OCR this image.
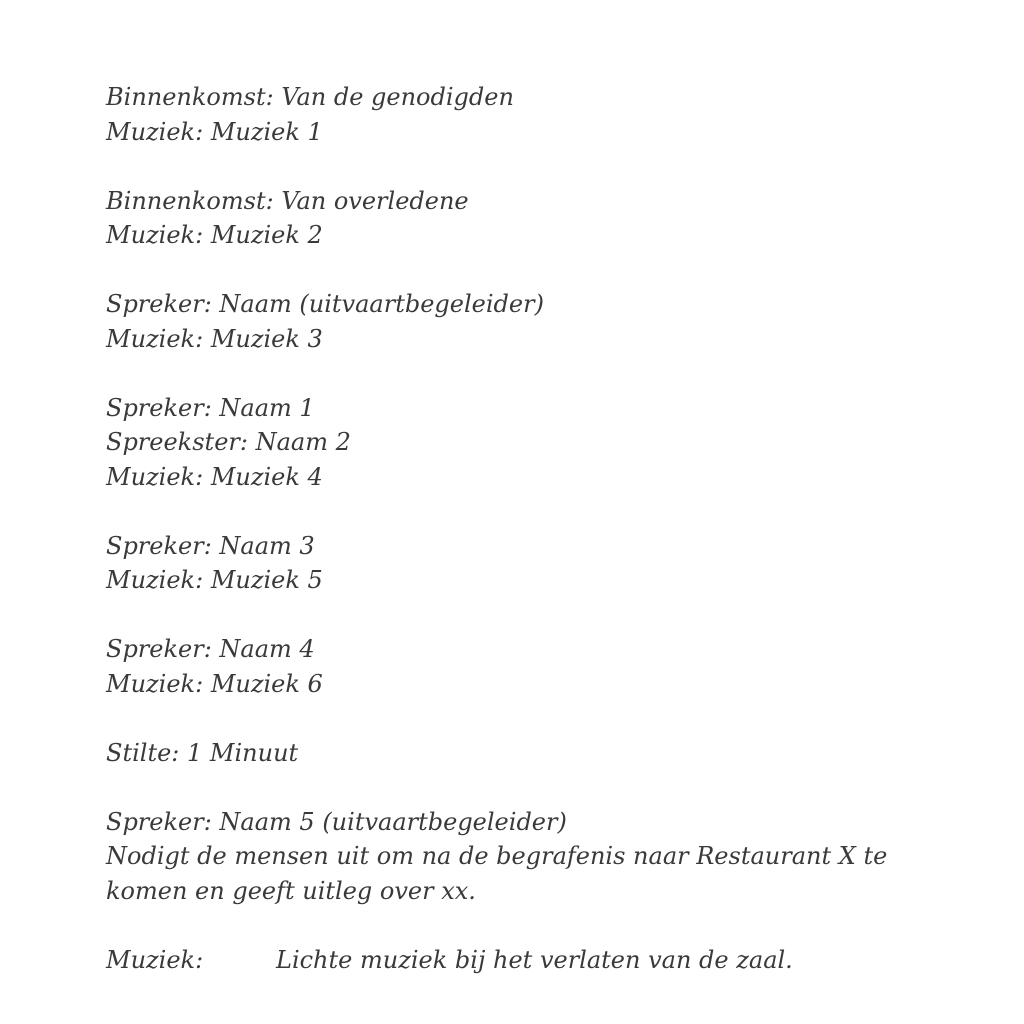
Binnenkomst: Van de genodigden
Muziek: Muziek 1
Binnenkomst: Van overledene
Muziek: Muziek 2
Spreker: Naam (uitvaartbegeleider)
Muziek: Muziek 3
Spreker: Naam 1
Spreekster: Naam 2
Muziek: Muziek 4
Spreker: Naam 3
Muziek: Muziek 5
Spreker: Naam 4
Muziek: Muziek 6
Stilte: 1 Minuut
Spreker: Naam 5 (uitvaartbegeleider)
Nodigt de mensen uit om na de begrafenis naar Restaurant X te komen en geeft uitleg over xx.
Muziek:	Lichte muziek bij het verlaten van de zaal.
